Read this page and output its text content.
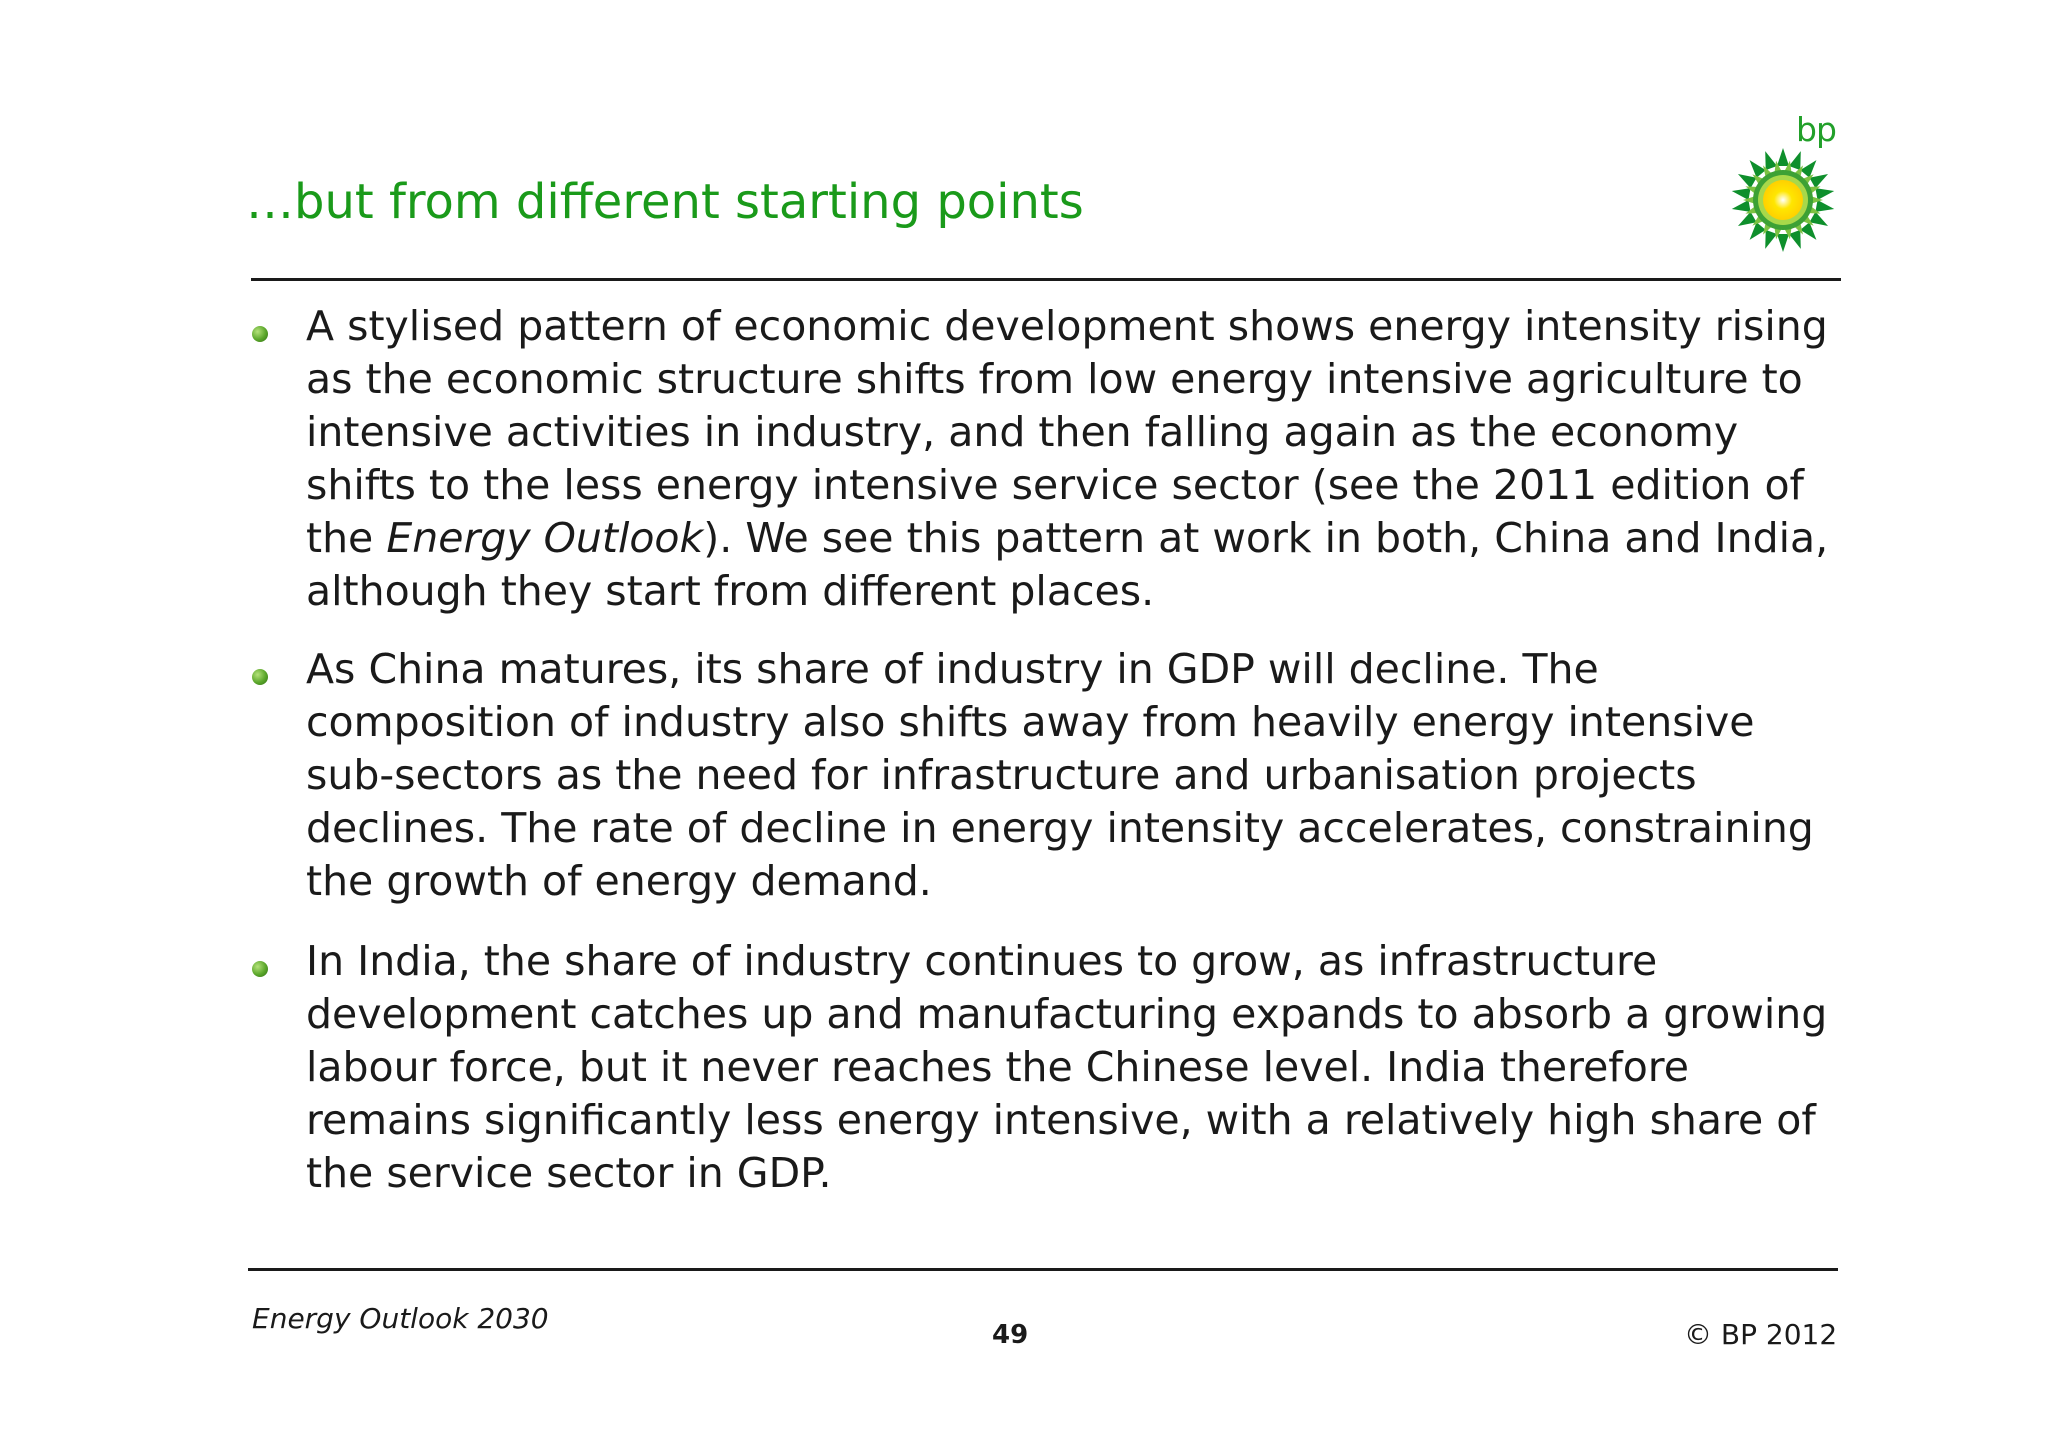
bp
…but from different starting points
A stylised pattern of economic development shows energy intensity rising as the economic structure shifts from low energy intensive agriculture to intensive activities in industry, and then falling again as the economy shifts to the less energy intensive service sector (see the 2011 edition of the Energy Outlook). We see this pattern at work in both, China and India, although they start from different places.
As China matures, its share of industry in GDP will decline. The composition of industry also shifts away from heavily energy intensive sub-sectors as the need for infrastructure and urbanisation projects declines. The rate of decline in energy intensity accelerates, constraining the growth of energy demand.
In India, the share of industry continues to grow, as infrastructure development catches up and manufacturing expands to absorb a growing labour force, but it never reaches the Chinese level. India therefore remains significantly less energy intensive, with a relatively high share of the service sector in GDP.
Energy Outlook 2030	49	© BP 2012
